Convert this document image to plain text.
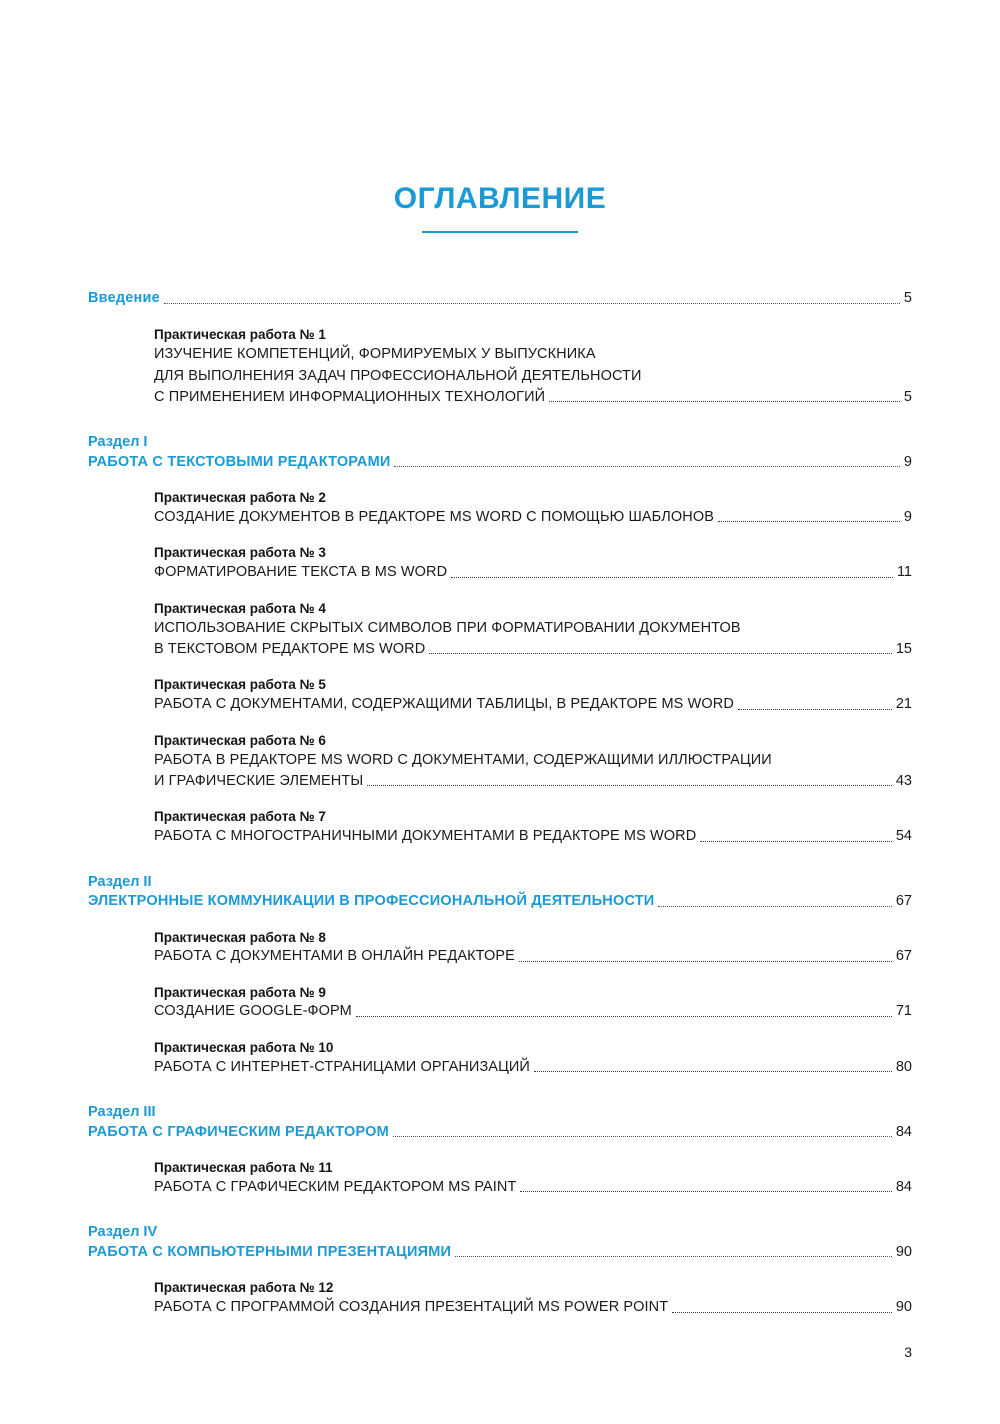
ОГЛАВЛЕНИЕ
Введение	5
Практическая работа № 1
ИЗУЧЕНИЕ КОМПЕТЕНЦИЙ, ФОРМИРУЕМЫХ У ВЫПУСКНИКА
ДЛЯ ВЫПОЛНЕНИЯ ЗАДАЧ ПРОФЕССИОНАЛЬНОЙ ДЕЯТЕЛЬНОСТИ
С ПРИМЕНЕНИЕМ ИНФОРМАЦИОННЫХ ТЕХНОЛОГИЙ	5
Раздел I
РАБОТА С ТЕКСТОВЫМИ РЕДАКТОРАМИ	9
Практическая работа № 2
СОЗДАНИЕ ДОКУМЕНТОВ В РЕДАКТОРЕ MS WORD С ПОМОЩЬЮ ШАБЛОНОВ	9
Практическая работа № 3
ФОРМАТИРОВАНИЕ ТЕКСТА В MS WORD	11
Практическая работа № 4
ИСПОЛЬЗОВАНИЕ СКРЫТЫХ СИМВОЛОВ ПРИ ФОРМАТИРОВАНИИ ДОКУМЕНТОВ
В ТЕКСТОВОМ РЕДАКТОРЕ MS WORD	15
Практическая работа № 5
РАБОТА С ДОКУМЕНТАМИ, СОДЕРЖАЩИМИ ТАБЛИЦЫ, В РЕДАКТОРЕ MS WORD	21
Практическая работа № 6
РАБОТА В РЕДАКТОРЕ MS WORD С ДОКУМЕНТАМИ, СОДЕРЖАЩИМИ ИЛЛЮСТРАЦИИ
И ГРАФИЧЕСКИЕ ЭЛЕМЕНТЫ	43
Практическая работа № 7
РАБОТА С МНОГОСТРАНИЧНЫМИ ДОКУМЕНТАМИ В РЕДАКТОРЕ MS WORD	54
Раздел II
ЭЛЕКТРОННЫЕ КОММУНИКАЦИИ В ПРОФЕССИОНАЛЬНОЙ ДЕЯТЕЛЬНОСТИ	67
Практическая работа № 8
РАБОТА С ДОКУМЕНТАМИ В ОНЛАЙН РЕДАКТОРЕ	67
Практическая работа № 9
СОЗДАНИЕ GOOGLE-ФОРМ	71
Практическая работа № 10
РАБОТА С ИНТЕРНЕТ-СТРАНИЦАМИ ОРГАНИЗАЦИЙ	80
Раздел III
РАБОТА С ГРАФИЧЕСКИМ РЕДАКТОРОМ	84
Практическая работа № 11
РАБОТА С ГРАФИЧЕСКИМ РЕДАКТОРОМ MS PAINT	84
Раздел IV
РАБОТА С КОМПЬЮТЕРНЫМИ ПРЕЗЕНТАЦИЯМИ	90
Практическая работа № 12
РАБОТА С ПРОГРАММОЙ СОЗДАНИЯ ПРЕЗЕНТАЦИЙ MS POWER POINT	90
3
